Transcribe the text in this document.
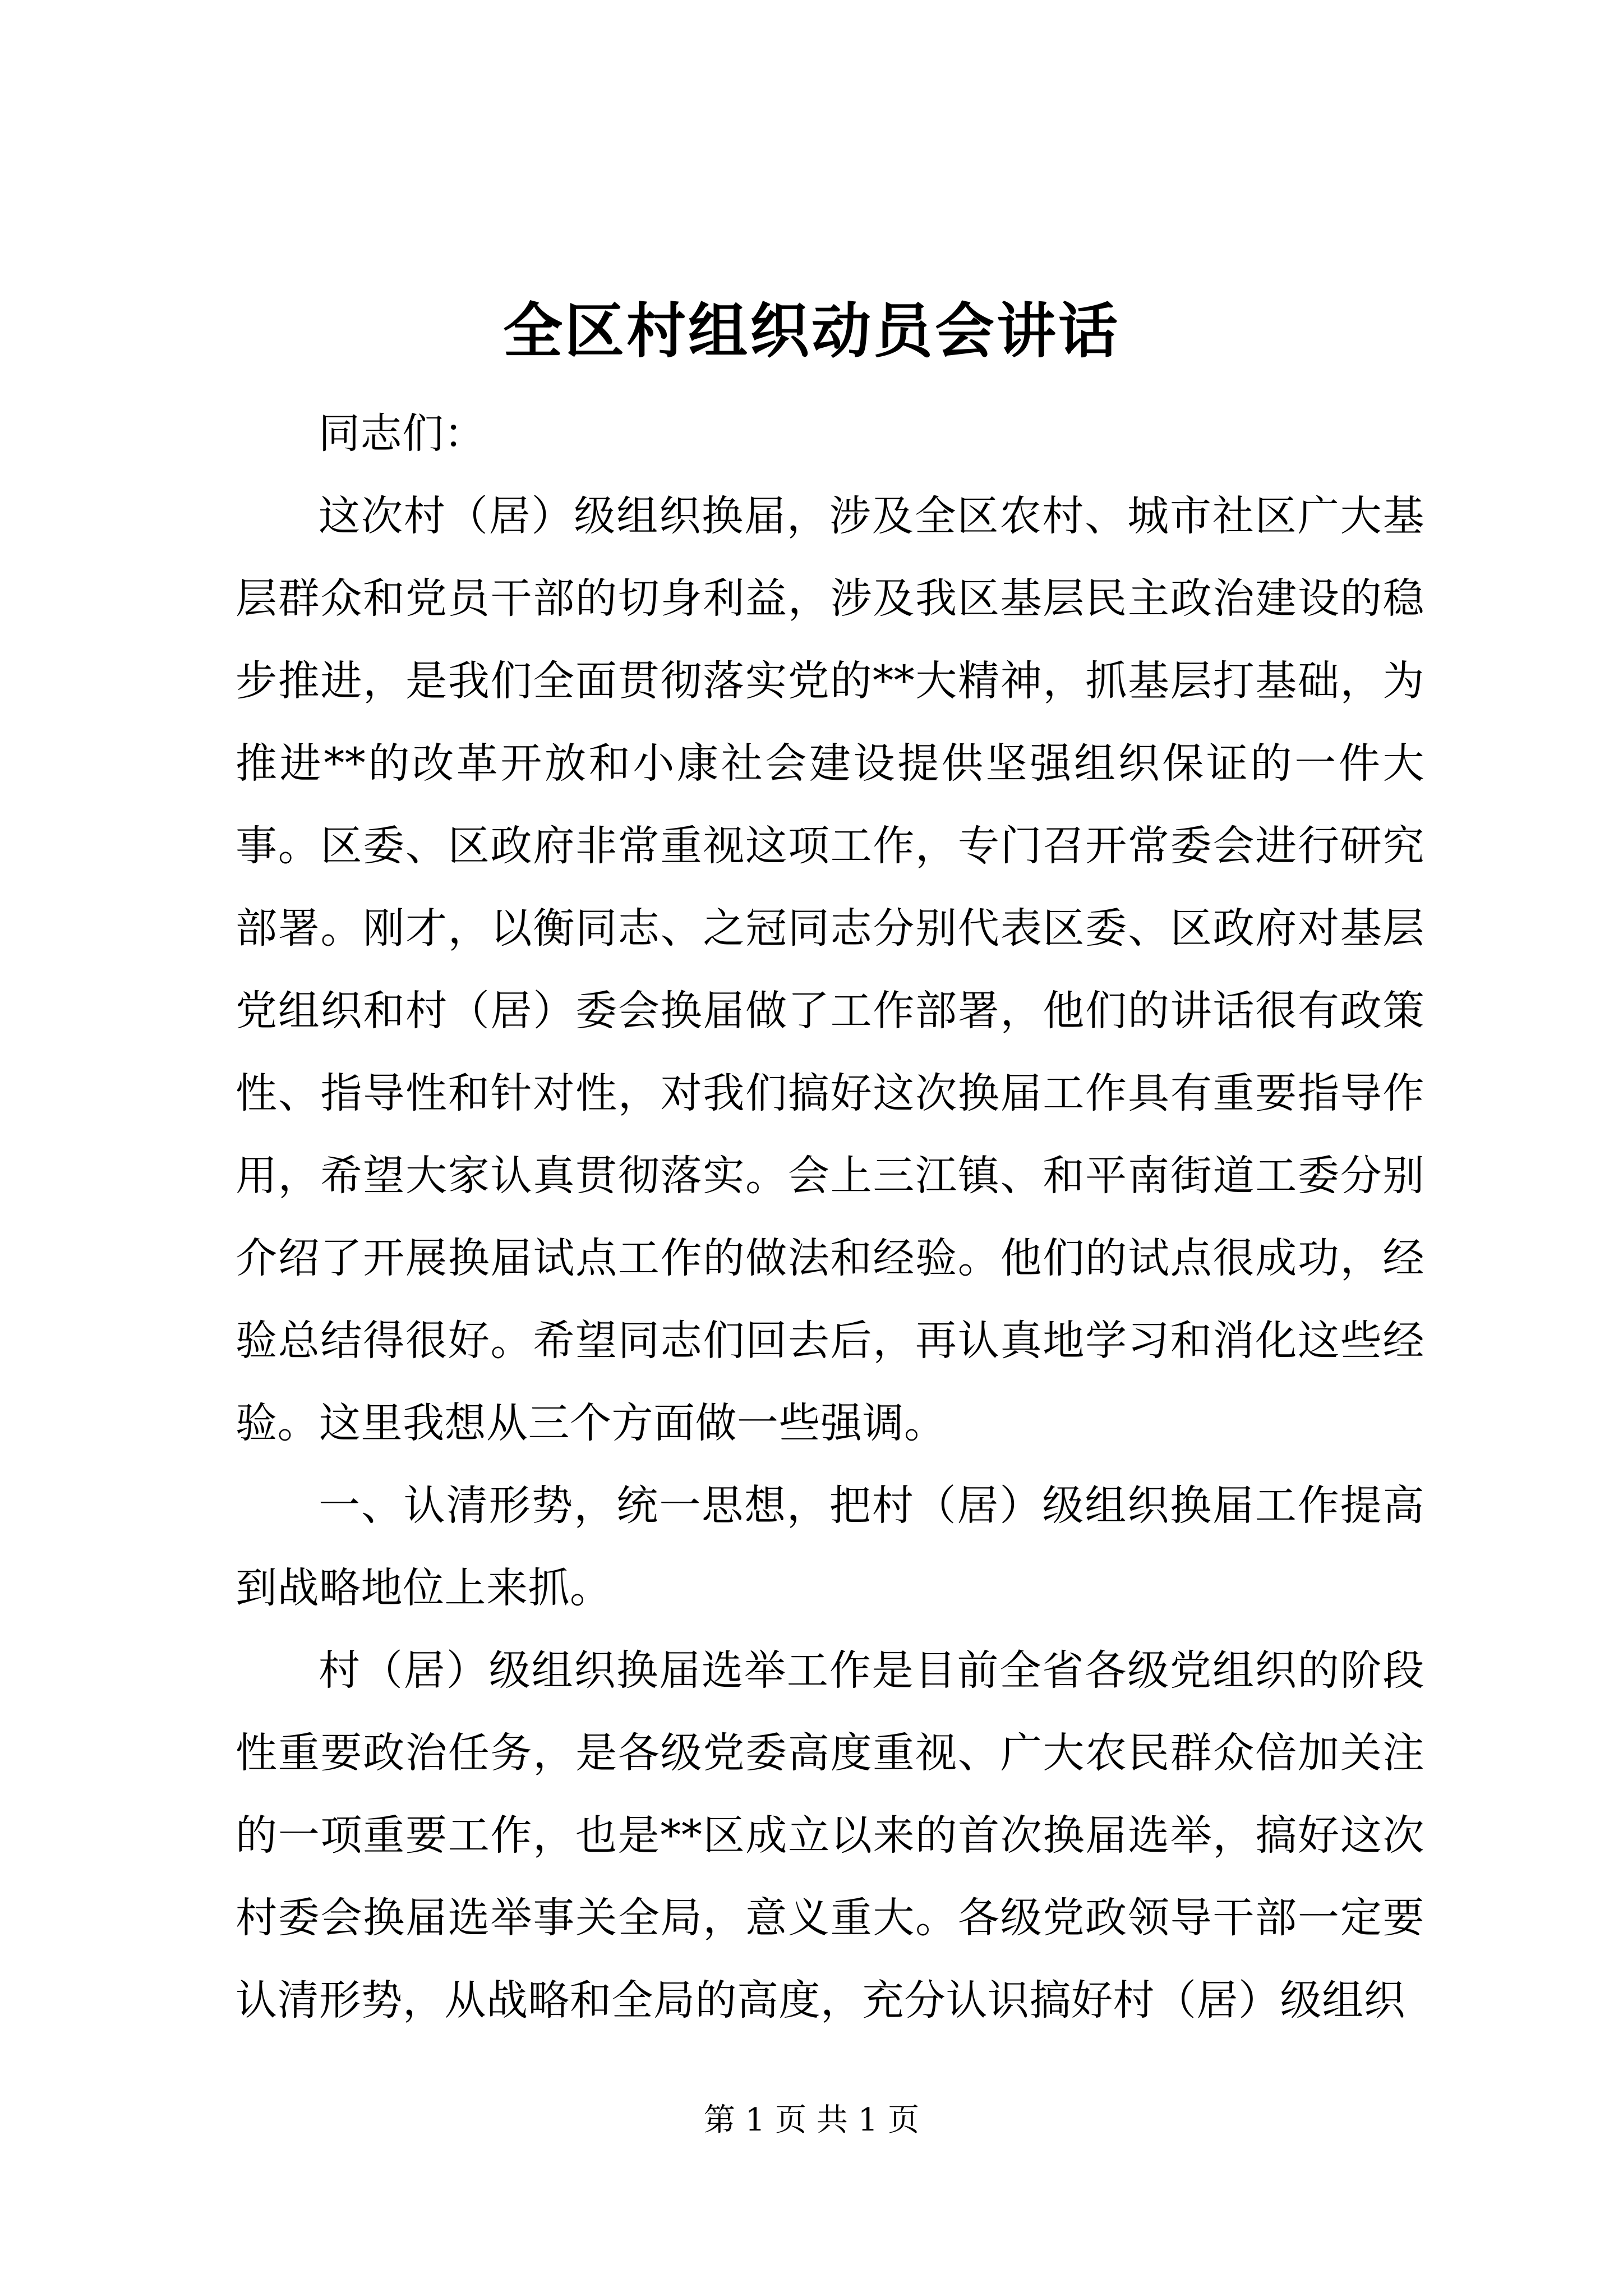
全区村组织动员会讲话

同志们：

这次村（居）级组织换届，涉及全区农村、城市社区广大基层群众和党员干部的切身利益，涉及我区基层民主政治建设的稳步推进，是我们全面贯彻落实党的**大精神，抓基层打基础，为推进**的改革开放和小康社会建设提供坚强组织保证的一件大事。区委、区政府非常重视这项工作，专门召开常委会进行研究部署。刚才，以衡同志、之冠同志分别代表区委、区政府对基层党组织和村（居）委会换届做了工作部署，他们的讲话很有政策性、指导性和针对性，对我们搞好这次换届工作具有重要指导作用，希望大家认真贯彻落实。会上三江镇、和平南街道工委分别介绍了开展换届试点工作的做法和经验。他们的试点很成功，经验总结得很好。希望同志们回去后，再认真地学习和消化这些经验。这里我想从三个方面做一些强调。

一、认清形势，统一思想，把村（居）级组织换届工作提高到战略地位上来抓。

村（居）级组织换届选举工作是目前全省各级党组织的阶段性重要政治任务，是各级党委高度重视、广大农民群众倍加关注的一项重要工作，也是**区成立以来的首次换届选举，搞好这次村委会换届选举事关全局，意义重大。各级党政领导干部一定要认清形势，从战略和全局的高度，充分认识搞好村（居）级组织

第 1 页 共 1 页
